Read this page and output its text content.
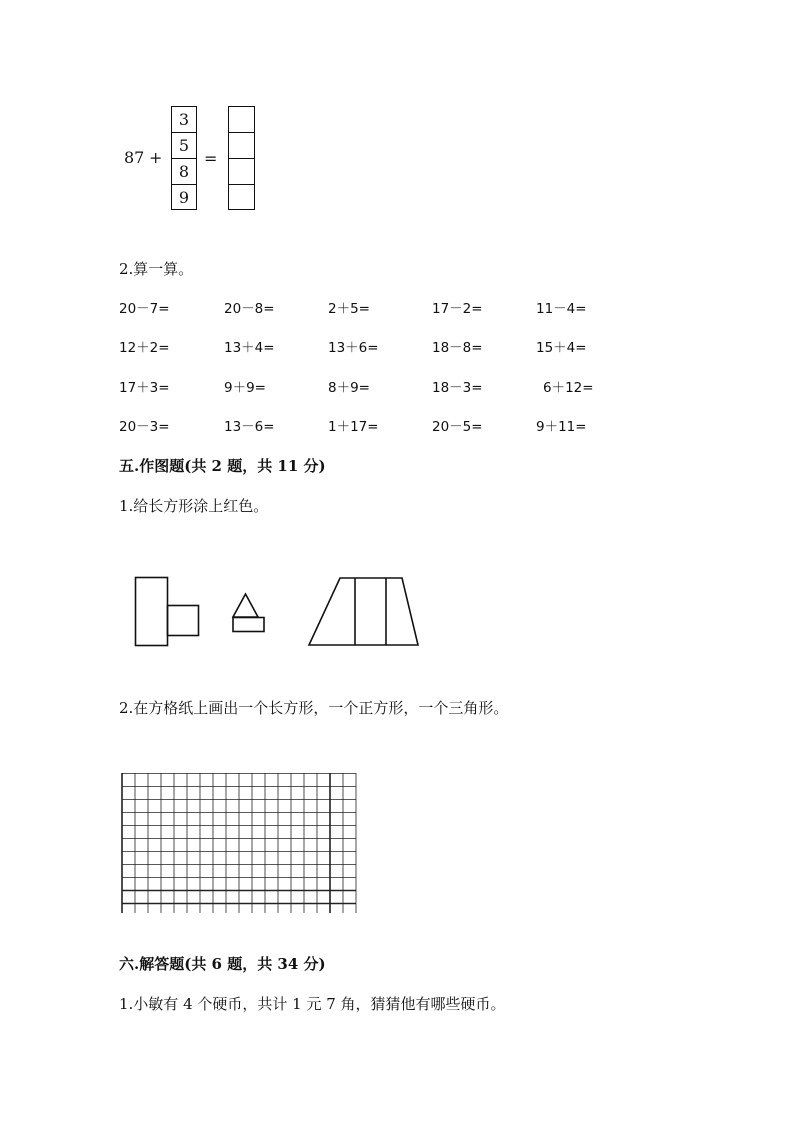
87 +
3
5
8
9
=
2.算一算。
20－7=	20－8=	2＋5=	17－2=	11－4=
12＋2=	13＋4=	13＋6=	18－8=	15＋4=
17＋3=	9＋9=	8＋9=	18－3=	6＋12=
20－3=	13－6=	1＋17=	20－5=	9＋11=
五.作图题(共 2 题，共 11 分)
1.给长方形涂上红色。
2.在方格纸上画出一个长方形，一个正方形，一个三角形。
六.解答题(共 6 题，共 34 分)
1.小敏有 4 个硬币，共计 1 元 7 角，猜猜他有哪些硬币。
